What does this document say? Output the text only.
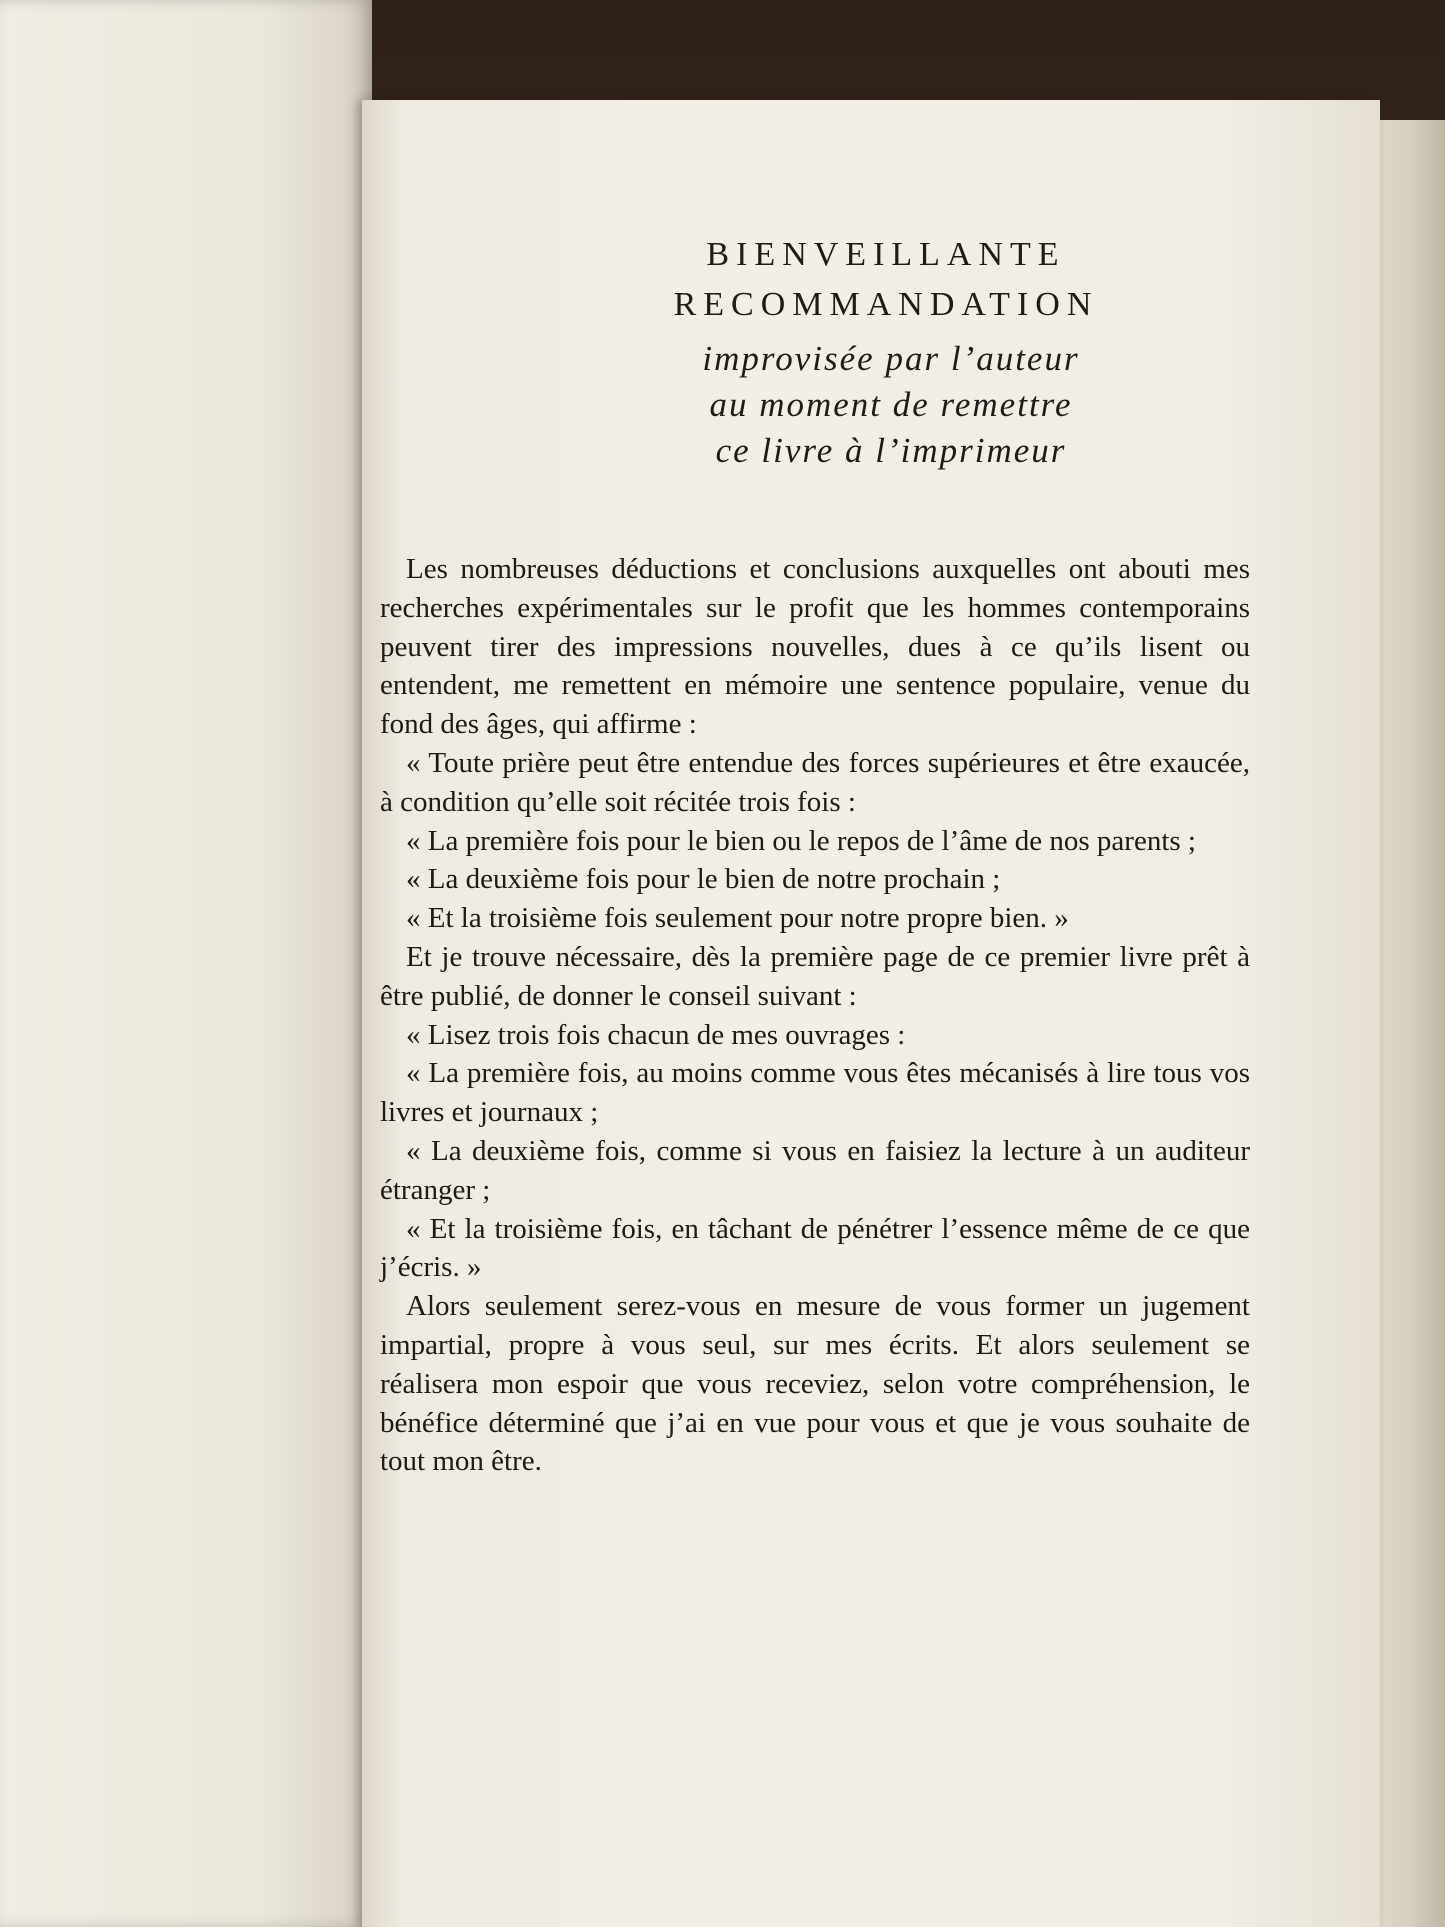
BIENVEILLANTE
RECOMMANDATION
improvisée par l’auteur
au moment de remettre
ce livre à l’imprimeur

Les nombreuses déductions et conclusions auxquelles ont abouti mes recherches expérimentales sur le profit que les hommes contemporains peuvent tirer des impressions nouvelles, dues à ce qu’ils lisent ou entendent, me remettent en mémoire une sentence populaire, venue du fond des âges, qui affirme :

« Toute prière peut être entendue des forces supérieures et être exaucée, à condition qu’elle soit récitée trois fois :

« La première fois pour le bien ou le repos de l’âme de nos parents ;

« La deuxième fois pour le bien de notre prochain ;

« Et la troisième fois seulement pour notre propre bien. »

Et je trouve nécessaire, dès la première page de ce premier livre prêt à être publié, de donner le conseil suivant :

« Lisez trois fois chacun de mes ouvrages :

« La première fois, au moins comme vous êtes mécanisés à lire tous vos livres et journaux ;

« La deuxième fois, comme si vous en faisiez la lecture à un auditeur étranger ;

« Et la troisième fois, en tâchant de pénétrer l’essence même de ce que j’écris. »

Alors seulement serez-vous en mesure de vous former un jugement impartial, propre à vous seul, sur mes écrits. Et alors seulement se réalisera mon espoir que vous receviez, selon votre compréhension, le bénéfice déterminé que j’ai en vue pour vous et que je vous souhaite de tout mon être.
